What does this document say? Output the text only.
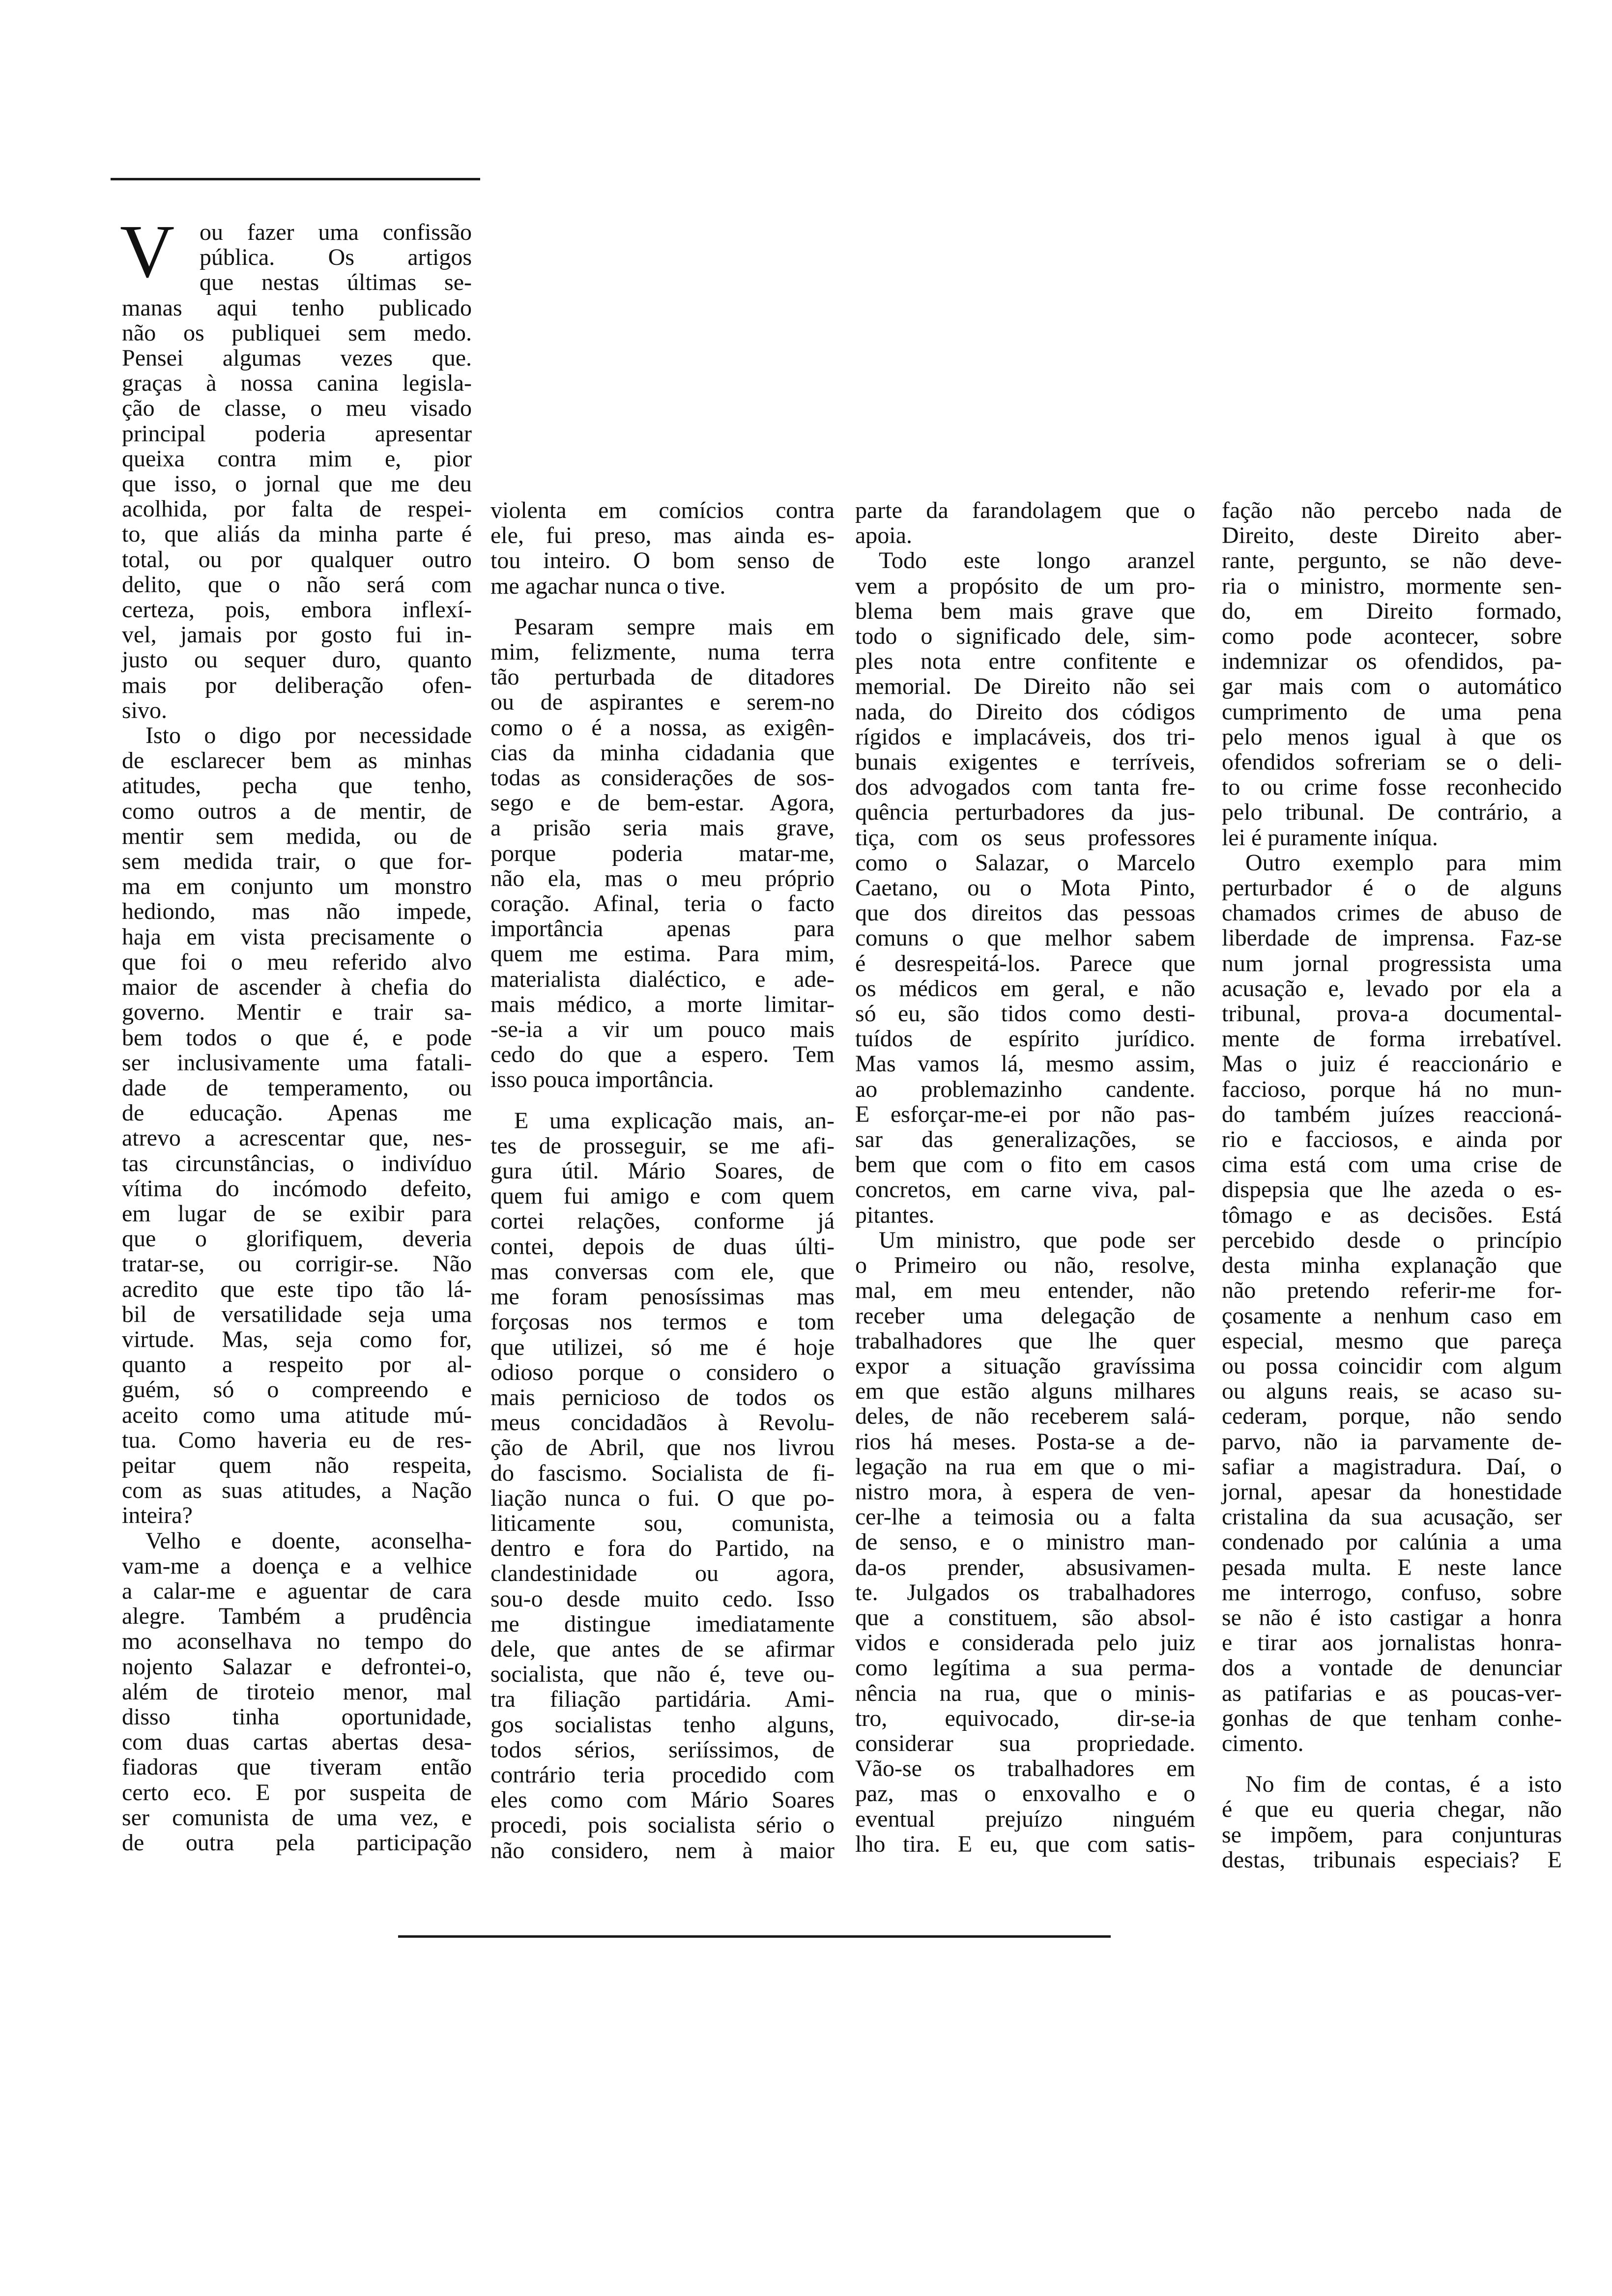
V	ou fazer uma confissão
pública. Os artigos
que nestas últimas se-
manas aqui tenho publicado
não os publiquei sem medo.
Pensei algumas vezes que.
graças à nossa canina legisla-
ção de classe, o meu visado
principal poderia apresentar
queixa contra mim e, pior
que isso, o jornal que me deu
acolhida, por falta de respei-
to, que aliás da minha parte é
total, ou por qualquer outro
delito, que o não será com
certeza, pois, embora inflexí-
vel, jamais por gosto fui in-
justo ou sequer duro, quanto
mais por deliberação ofen-
sivo.
Isto o digo por necessidade
de esclarecer bem as minhas
atitudes, pecha que tenho,
como outros a de mentir, de
mentir sem medida, ou de
sem medida trair, o que for-
ma em conjunto um monstro
hediondo, mas não impede,
haja em vista precisamente o
que foi o meu referido alvo
maior de ascender à chefia do
governo. Mentir e trair sa-
bem todos o que é, e pode
ser inclusivamente uma fatali-
dade de temperamento, ou
de educação. Apenas me
atrevo a acrescentar que, nes-
tas circunstâncias, o indivíduo
vítima do incómodo defeito,
em lugar de se exibir para
que o glorifiquem, deveria
tratar-se, ou corrigir-se. Não
acredito que este tipo tão lá-
bil de versatilidade seja uma
virtude. Mas, seja como for,
quanto a respeito por al-
guém, só o compreendo e
aceito como uma atitude mú-
tua. Como haveria eu de res-
peitar quem não respeita,
com as suas atitudes, a Nação
inteira?
Velho e doente, aconselha-
vam-me a doença e a velhice
a calar-me e aguentar de cara
alegre. Também a prudência
mo aconselhava no tempo do
nojento Salazar e defrontei-o,
além de tiroteio menor, mal
disso tinha oportunidade,
com duas cartas abertas desa-
fiadoras que tiveram então
certo eco. E por suspeita de
ser comunista de uma vez, e
de outra pela participação
violenta em comícios contra
ele, fui preso, mas ainda es-
tou inteiro. O bom senso de
me agachar nunca o tive.
Pesaram sempre mais em
mim, felizmente, numa terra
tão perturbada de ditadores
ou de aspirantes e serem-no
como o é a nossa, as exigên-
cias da minha cidadania que
todas as considerações de sos-
sego e de bem-estar. Agora,
a prisão seria mais grave,
porque poderia matar-me,
não ela, mas o meu próprio
coração. Afinal, teria o facto
importância apenas para
quem me estima. Para mim,
materialista dialéctico, e ade-
mais médico, a morte limitar-
-se-ia a vir um pouco mais
cedo do que a espero. Tem
isso pouca importância.
E uma explicação mais, an-
tes de prosseguir, se me afi-
gura útil. Mário Soares, de
quem fui amigo e com quem
cortei relações, conforme já
contei, depois de duas últi-
mas conversas com ele, que
me foram penosíssimas mas
forçosas nos termos e tom
que utilizei, só me é hoje
odioso porque o considero o
mais pernicioso de todos os
meus concidadãos à Revolu-
ção de Abril, que nos livrou
do fascismo. Socialista de fi-
liação nunca o fui. O que po-
liticamente sou, comunista,
dentro e fora do Partido, na
clandestinidade ou agora,
sou-o desde muito cedo. Isso
me distingue imediatamente
dele, que antes de se afirmar
socialista, que não é, teve ou-
tra filiação partidária. Ami-
gos socialistas tenho alguns,
todos sérios, seriíssimos, de
contrário teria procedido com
eles como com Mário Soares
procedi, pois socialista sério o
não considero, nem à maior
parte da farandolagem que o
apoia.
Todo este longo aranzel
vem a propósito de um pro-
blema bem mais grave que
todo o significado dele, sim-
ples nota entre confitente e
memorial. De Direito não sei
nada, do Direito dos códigos
rígidos e implacáveis, dos tri-
bunais exigentes e terríveis,
dos advogados com tanta fre-
quência perturbadores da jus-
tiça, com os seus professores
como o Salazar, o Marcelo
Caetano, ou o Mota Pinto,
que dos direitos das pessoas
comuns o que melhor sabem
é desrespeitá-los. Parece que
os médicos em geral, e não
só eu, são tidos como desti-
tuídos de espírito jurídico.
Mas vamos lá, mesmo assim,
ao problemazinho candente.
E esforçar-me-ei por não pas-
sar das generalizações, se
bem que com o fito em casos
concretos, em carne viva, pal-
pitantes.
Um ministro, que pode ser
o Primeiro ou não, resolve,
mal, em meu entender, não
receber uma delegação de
trabalhadores que lhe quer
expor a situação gravíssima
em que estão alguns milhares
deles, de não receberem salá-
rios há meses. Posta-se a de-
legação na rua em que o mi-
nistro mora, à espera de ven-
cer-lhe a teimosia ou a falta
de senso, e o ministro man-
da-os prender, absusivamen-
te. Julgados os trabalhadores
que a constituem, são absol-
vidos e considerada pelo juiz
como legítima a sua perma-
nência na rua, que o minis-
tro, equivocado, dir-se-ia
considerar sua propriedade.
Vão-se os trabalhadores em
paz, mas o enxovalho e o
eventual prejuízo ninguém
lho tira. E eu, que com satis-
fação não percebo nada de
Direito, deste Direito aber-
rante, pergunto, se não deve-
ria o ministro, mormente sen-
do, em Direito formado,
como pode acontecer, sobre
indemnizar os ofendidos, pa-
gar mais com o automático
cumprimento de uma pena
pelo menos igual à que os
ofendidos sofreriam se o deli-
to ou crime fosse reconhecido
pelo tribunal. De contrário, a
lei é puramente iníqua.
Outro exemplo para mim
perturbador é o de alguns
chamados crimes de abuso de
liberdade de imprensa. Faz-se
num jornal progressista uma
acusação e, levado por ela a
tribunal, prova-a documental-
mente de forma irrebatível.
Mas o juiz é reaccionário e
faccioso, porque há no mun-
do também juízes reaccioná-
rio e facciosos, e ainda por
cima está com uma crise de
dispepsia que lhe azeda o es-
tômago e as decisões. Está
percebido desde o princípio
desta minha explanação que
não pretendo referir-me for-
çosamente a nenhum caso em
especial, mesmo que pareça
ou possa coincidir com algum
ou alguns reais, se acaso su-
cederam, porque, não sendo
parvo, não ia parvamente de-
safiar a magistradura. Daí, o
jornal, apesar da honestidade
cristalina da sua acusação, ser
condenado por calúnia a uma
pesada multa. E neste lance
me interrogo, confuso, sobre
se não é isto castigar a honra
e tirar aos jornalistas honra-
dos a vontade de denunciar
as patifarias e as poucas-ver-
gonhas de que tenham conhe-
cimento.
No fim de contas, é a isto
é que eu queria chegar, não
se impõem, para conjunturas
destas, tribunais especiais? E
